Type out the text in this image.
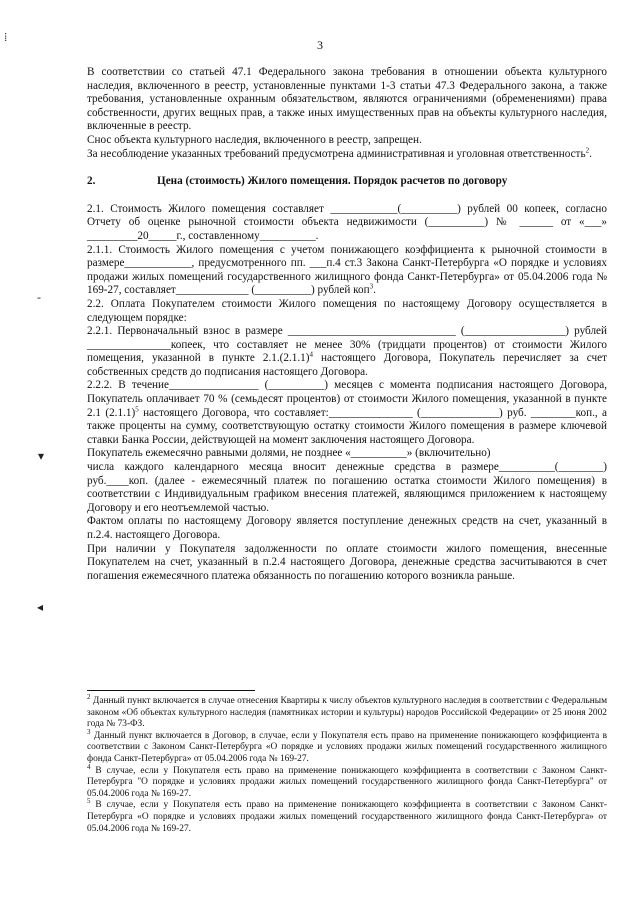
3
⁞
-
▾
◂

В соответствии со статьей 47.1 Федерального закона требования в отношении объекта культурного наследия, включенного в реестр, установленные пунктами 1-3 статьи 47.3 Федерального закона, а также требования, установленные охранным обязательством, являются ограничениями (обременениями) права собственности, других вещных прав, а также иных имущественных прав на объекты культурного наследия, включенные в реестр.

Снос объекта культурного наследия, включенного в реестр, запрещен.

За несоблюдение указанных требований предусмотрена административная и уголовная ответственность$^2$.

2.	Цена (стоимость) Жилого помещения. Порядок расчетов по договору

2.1. Стоимость Жилого помещения составляет ____________(__________) рублей 00 копеек, согласно Отчету об оценке рыночной стоимости объекта недвижимости (__________) № ______ от «___» _________20_____г., составленному__________.

2.1.1. Стоимость Жилого помещения с учетом понижающего коэффициента к рыночной стоимости в размере____________, предусмотренного пп. ___п.4 ст.3 Закона Санкт-Петербурга «О порядке и условиях продажи жилых помещений государственного жилищного фонда Санкт-Петербурга» от 05.04.2006 года № 169-27, составляет_____________ (__________) рублей коп$^3$.

2.2. Оплата Покупателем стоимости Жилого помещения по настоящему Договору осуществляется в следующем порядке:

2.2.1. Первоначальный взнос в размере ______________________________ (__________________) рублей _______________копеек, что составляет не менее 30% (тридцати процентов) от стоимости Жилого помещения, указанной в пункте $2.1.(2.1.1)^4$ настоящего Договора, Покупатель перечисляет за счет собственных средств до подписания настоящего Договора.

2.2.2. В течение________________ (__________) месяцев с момента подписания настоящего Договора, Покупатель оплачивает 70 % (семьдесят процентов) от стоимости Жилого помещения, указанной в пункте 2.1 $(2.1.1)^5$ настоящего Договора, что составляет:_______________ (______________) руб. ________коп., а также проценты на сумму, соответствующую остатку стоимости Жилого помещения в размере ключевой ставки Банка России, действующей на момент заключения настоящего Договора.

Покупатель ежемесячно равными долями, не позднее «__________» (включительно)

числа каждого календарного месяца вносит денежные средства в размере__________(________) руб.____коп. (далее - ежемесячный платеж по погашению остатка стоимости Жилого помещения) в соответствии с Индивидуальным графиком внесения платежей, являющимся приложением к настоящему Договору и его неотъемлемой частью.

Фактом оплаты по настоящему Договору является поступление денежных средств на счет, указанный в п.2.4. настоящего Договора.

При наличии у Покупателя задолженности по оплате стоимости жилого помещения, внесенные Покупателем на счет, указанный в п.2.4 настоящего Договора, денежные средства засчитываются в счет погашения ежемесячного платежа обязанность по погашению которого возникла раньше.

$^2$ Данный пункт включается в случае отнесения Квартиры к числу объектов культурного наследия в соответствии с Федеральным законом «Об объектах культурного наследия (памятниках истории и культуры) народов Российской Федерации» от 25 июня 2002 года № 73-ФЗ.

$^3$ Данный пункт включается в Договор, в случае, если у Покупателя есть право на применение понижающего коэффициента в соответствии с Законом Санкт-Петербурга «О порядке и условиях продажи жилых помещений государственного жилищного фонда Санкт-Петербурга» от 05.04.2006 года № 169-27.

$^4$ В случае, если у Покупателя есть право на применение понижающего коэффициента в соответствии с Законом Санкт-Петербурга "О порядке и условиях продажи жилых помещений государственного жилищного фонда Санкт-Петербурга" от 05.04.2006 года № 169-27.

$^5$ В случае, если у Покупателя есть право на применение понижающего коэффициента в соответствии с Законом Санкт-Петербурга «О порядке и условиях продажи жилых помещений государственного жилищного фонда Санкт-Петербурга» от 05.04.2006 года № 169-27.
